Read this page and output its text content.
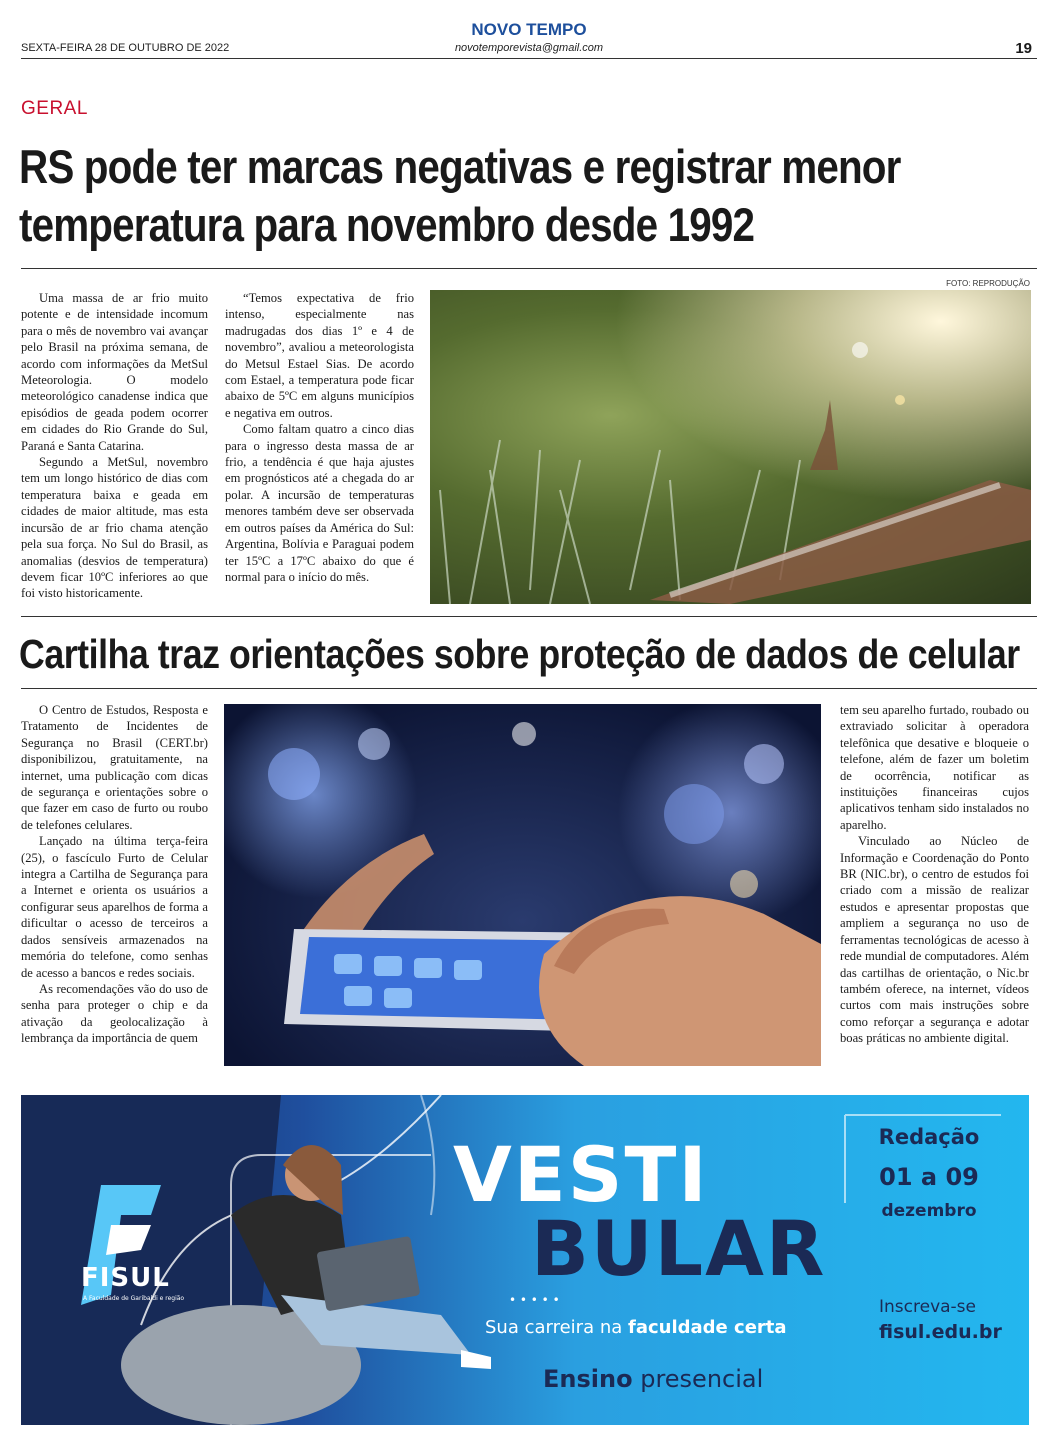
NOVO TEMPO
novotemporevista@gmail.com
SEXTA-FEIRA 28 DE OUTUBRO DE 2022	19
GERAL
RS pode ter marcas negativas e registrar menor temperatura para novembro desde 1992

Uma massa de ar frio muito potente e de intensidade incomum para o mês de novembro vai avançar pelo Brasil na próxima semana, de acordo com informações da MetSul Meteorologia. O modelo meteorológico canadense indica que episódios de geada podem ocorrer em cidades do Rio Grande do Sul, Paraná e Santa Catarina.

Segundo a MetSul, novembro tem um longo histórico de dias com temperatura baixa e geada em cidades de maior altitude, mas esta incursão de ar frio chama atenção pela sua força. No Sul do Brasil, as anomalias (desvios de temperatura) devem ficar 10ºC inferiores ao que foi visto historicamente.

“Temos expectativa de frio intenso, especialmente nas madrugadas dos dias 1º e 4 de novembro”, avaliou a meteorologista do Metsul Estael Sias. De acordo com Estael, a temperatura pode ficar abaixo de 5ºC em alguns municípios e negativa em outros.

Como faltam quatro a cinco dias para o ingresso desta massa de ar frio, a tendência é que haja ajustes em prognósticos até a chegada do ar polar. A incursão de temperaturas menores também deve ser observada em outros países da América do Sul: Argentina, Bolívia e Paraguai podem ter 15ºC a 17ºC abaixo do que é normal para o início do mês.

FOTO: REPRODUÇÃO
Cartilha traz orientações sobre proteção de dados de celular

O Centro de Estudos, Resposta e Tratamento de Incidentes de Segurança no Brasil (CERT.br) disponibilizou, gratuitamente, na internet, uma publicação com dicas de segurança e orientações sobre o que fazer em caso de furto ou roubo de telefones celulares.

Lançado na última terça-feira (25), o fascículo Furto de Celular integra a Cartilha de Segurança para a Internet e orienta os usuários a configurar seus aparelhos de forma a dificultar o acesso de terceiros a dados sensíveis armazenados na memória do telefone, como senhas de acesso a bancos e redes sociais.

As recomendações vão do uso de senha para proteger o chip e da ativação da geolocalização à lembrança da importância de quem

tem seu aparelho furtado, roubado ou extraviado solicitar à operadora telefônica que desative e bloqueie o telefone, além de fazer um boletim de ocorrência, notificar as instituições financeiras cujos aplicativos tenham sido instalados no aparelho.

Vinculado ao Núcleo de Informação e Coordenação do Ponto BR (NIC.br), o centro de estudos foi criado com a missão de realizar estudos e apresentar propostas que ampliem a segurança no uso de ferramentas tecnológicas de acesso à rede mundial de computadores. Além das cartilhas de orientação, o Nic.br também oferece, na internet, vídeos curtos com mais instruções sobre como reforçar a segurança e adotar boas práticas no ambiente digital.

FISUL
A Faculdade de Garibaldi e região
VESTI
BULAR
• • • • •
Sua carreira na faculdade certa
Ensino presencial
Redação
01 a 09
dezembro
Inscreva-se
fisul.edu.br
